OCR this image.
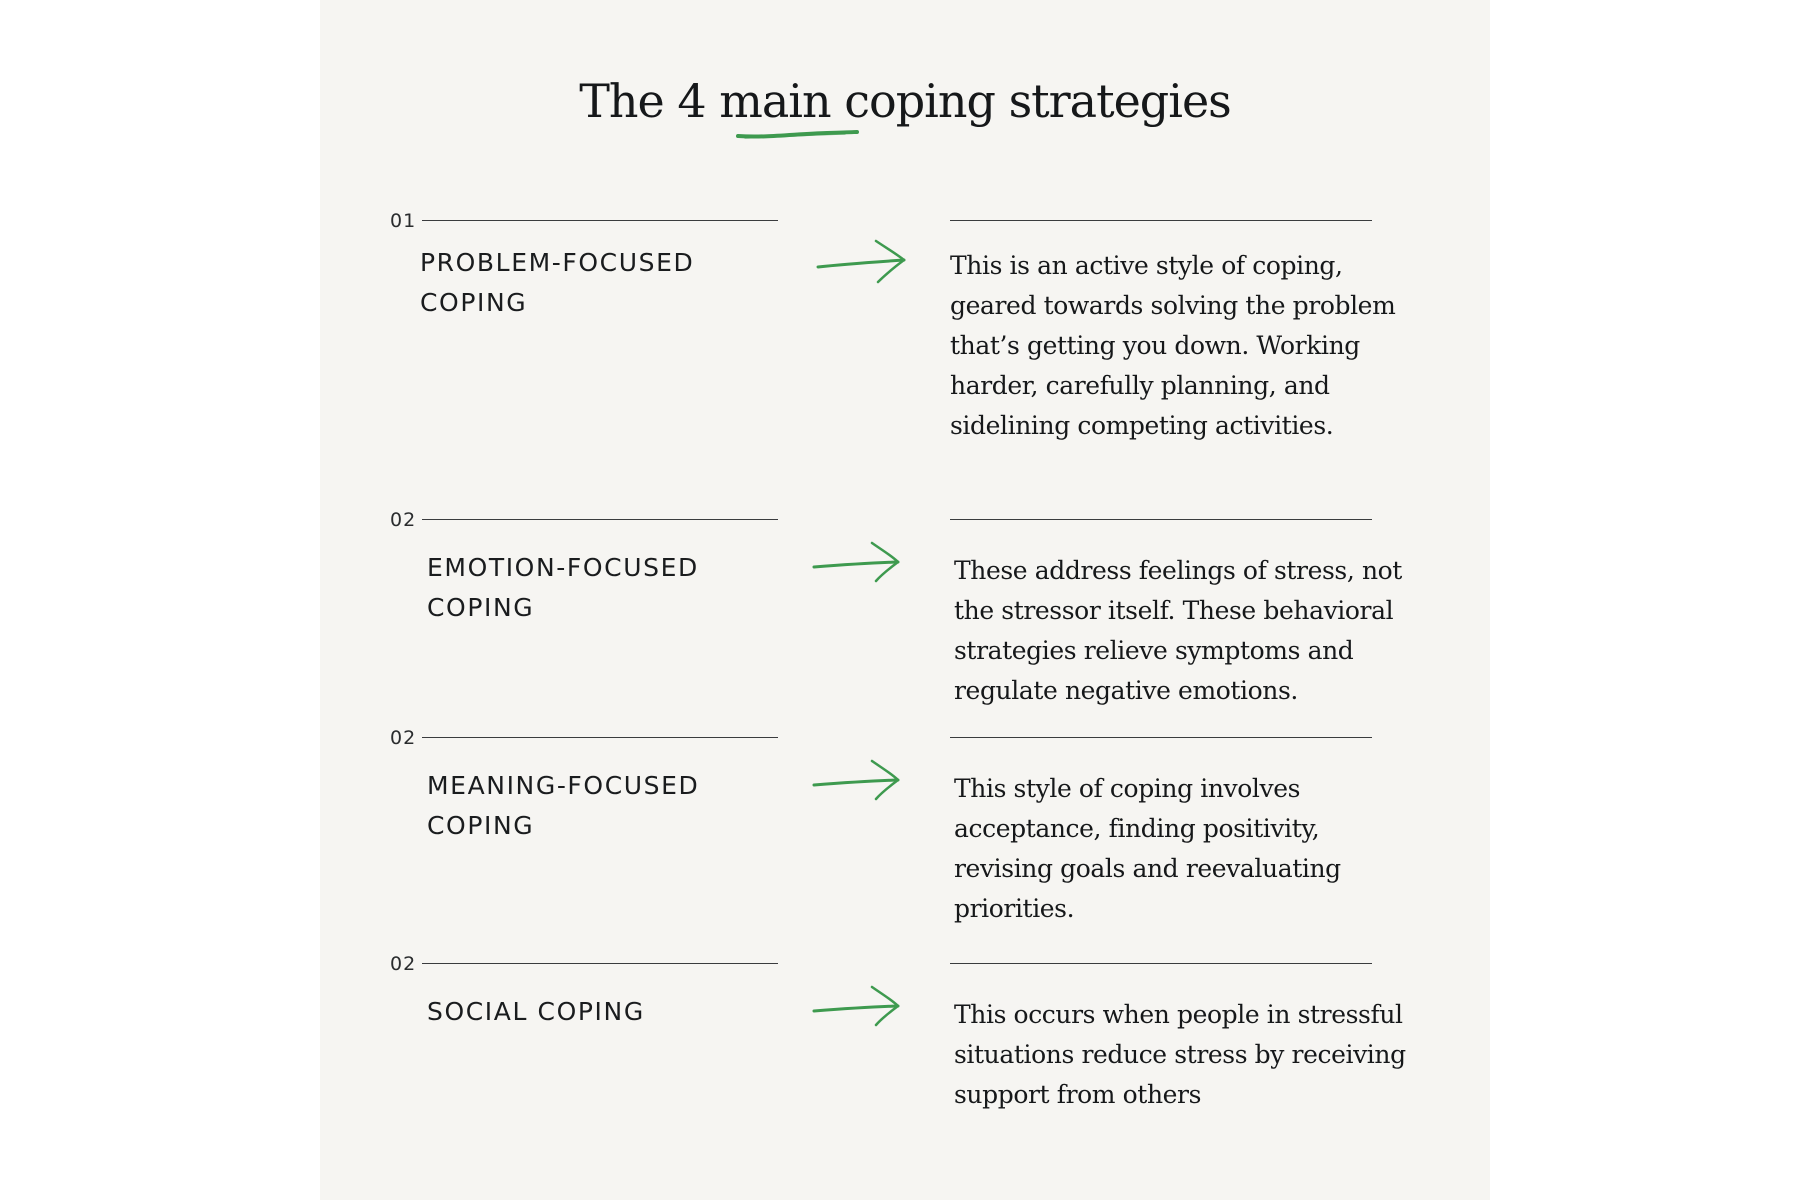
The 4 main coping strategies
01
PROBLEM-FOCUSED
COPING
This is an active style of coping, geared towards solving the problem that’s getting you down. Working harder, carefully planning, and sidelining competing activities.
02
EMOTION-FOCUSED
COPING
These address feelings of stress, not the stressor itself. These behavioral strategies relieve symptoms and regulate negative emotions.
02
MEANING-FOCUSED
COPING
This style of coping involves acceptance, finding positivity, revising goals and reevaluating priorities.
02
SOCIAL COPING	This occurs when people in stressful situations reduce stress by receiving support from others
